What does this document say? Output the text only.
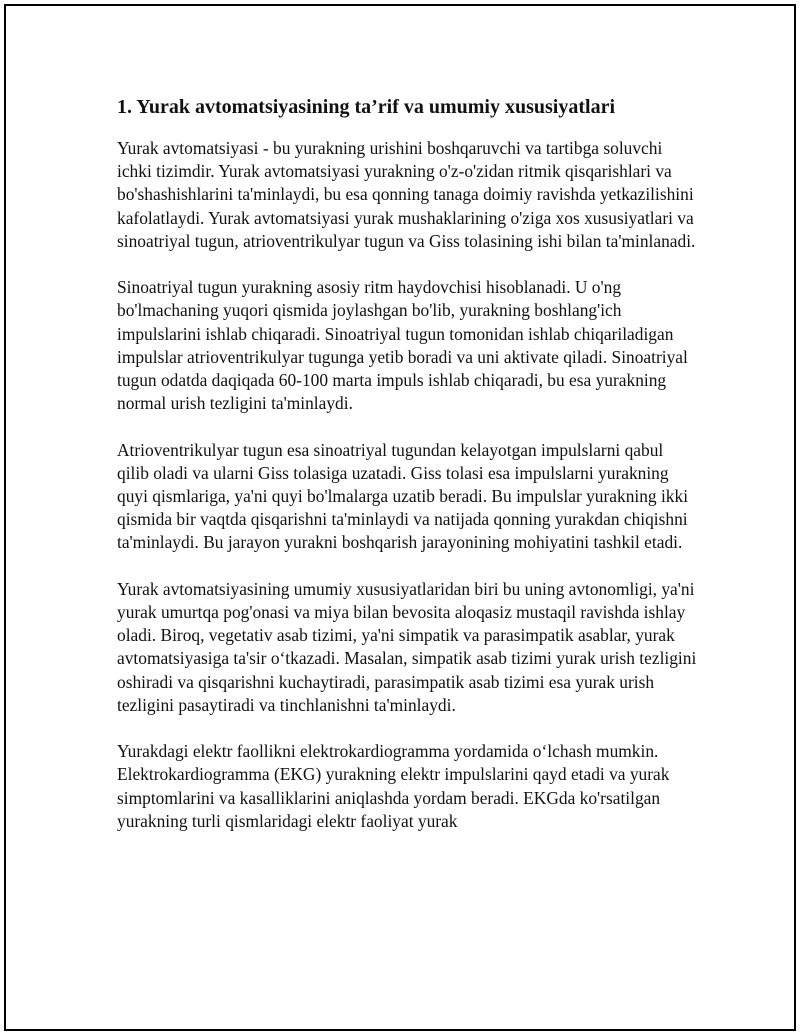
1. Yurak avtomatsiyasining ta’rif va umumiy xususiyatlari

Yurak avtomatsiyasi - bu yurakning urishini boshqaruvchi va tartibga soluvchi ichki tizimdir. Yurak avtomatsiyasi yurakning o'z-o'zidan ritmik qisqarishlari va bo'shashishlarini ta'minlaydi, bu esa qonning tanaga doimiy ravishda yetkazilishini kafolatlaydi. Yurak avtomatsiyasi yurak mushaklarining o'ziga xos xususiyatlari va sinoatriyal tugun, atrioventrikulyar tugun va Giss tolasining ishi bilan ta'minlanadi.

Sinoatriyal tugun yurakning asosiy ritm haydovchisi hisoblanadi. U o'ng bo'lmachaning yuqori qismida joylashgan bo'lib, yurakning boshlang'ich impulslarini ishlab chiqaradi. Sinoatriyal tugun tomonidan ishlab chiqariladigan impulslar atrioventrikulyar tugunga yetib boradi va uni aktivate qiladi. Sinoatriyal tugun odatda daqiqada 60-100 marta impuls ishlab chiqaradi, bu esa yurakning normal urish tezligini ta'minlaydi.

Atrioventrikulyar tugun esa sinoatriyal tugundan kelayotgan impulslarni qabul qilib oladi va ularni Giss tolasiga uzatadi. Giss tolasi esa impulslarni yurakning quyi qismlariga, ya'ni quyi bo'lmalarga uzatib beradi. Bu impulslar yurakning ikki qismida bir vaqtda qisqarishni ta'minlaydi va natijada qonning yurakdan chiqishni ta'minlaydi. Bu jarayon yurakni boshqarish jarayonining mohiyatini tashkil etadi.

Yurak avtomatsiyasining umumiy xususiyatlaridan biri bu uning avtonomligi, ya'ni yurak umurtqa pog'onasi va miya bilan bevosita aloqasiz mustaqil ravishda ishlay oladi. Biroq, vegetativ asab tizimi, ya'ni simpatik va parasimpatik asablar, yurak avtomatsiyasiga ta'sir o‘tkazadi. Masalan, simpatik asab tizimi yurak urish tezligini oshiradi va qisqarishni kuchaytiradi, parasimpatik asab tizimi esa yurak urish tezligini pasaytiradi va tinchlanishni ta'minlaydi.

Yurakdagi elektr faollikni elektrokardiogramma yordamida o‘lchash mumkin. Elektrokardiogramma (EKG) yurakning elektr impulslarini qayd etadi va yurak simptomlarini va kasalliklarini aniqlashda yordam beradi. EKGda ko'rsatilgan yurakning turli qismlaridagi elektr faoliyat yurak
